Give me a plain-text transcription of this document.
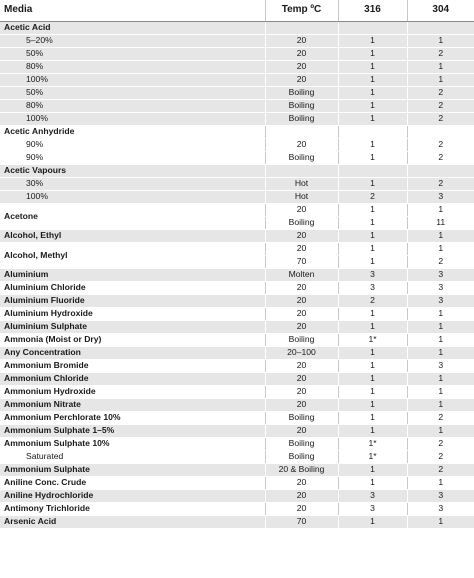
Media	Temp ºC	316	304
Acetic Acid			
5–20%	20	1	1
50%	20	1	2
80%	20	1	1
100%	20	1	1
50%	Boiling	1	2
80%	Boiling	1	2
100%	Boiling	1	2
Acetic Anhydride			
90%	20	1	2
90%	Boiling	1	2
Acetic Vapours			
30%	Hot	1	2
100%	Hot	2	3
Acetone	20	1	1
	Boiling	1	11
Alcohol, Ethyl	20	1	1
Alcohol, Methyl	20	1	1
	70	1	2
Aluminium	Molten	3	3
Aluminium Chloride	20	3	3
Aluminium Fluoride	20	2	3
Aluminium Hydroxide	20	1	1
Aluminium Sulphate	20	1	1
Ammonia (Moist or Dry)	Boiling	1*	1
Any Concentration	20–100	1	1
Ammonium Bromide	20	1	3
Ammonium Chloride	20	1	1
Ammonium Hydroxide	20	1	1
Ammonium Nitrate	20	1	1
Ammonium Perchlorate 10%	Boiling	1	2
Ammonium Sulphate 1–5%	20	1	1
Ammonium Sulphate 10%	Boiling	1*	2
Saturated	Boiling	1*	2
Ammonium Sulphate	20 & Boiling	1	2
Aniline Conc. Crude	20	1	1
Aniline Hydrochloride	20	3	3
Antimony Trichloride	20	3	3
Arsenic Acid	70	1	1
